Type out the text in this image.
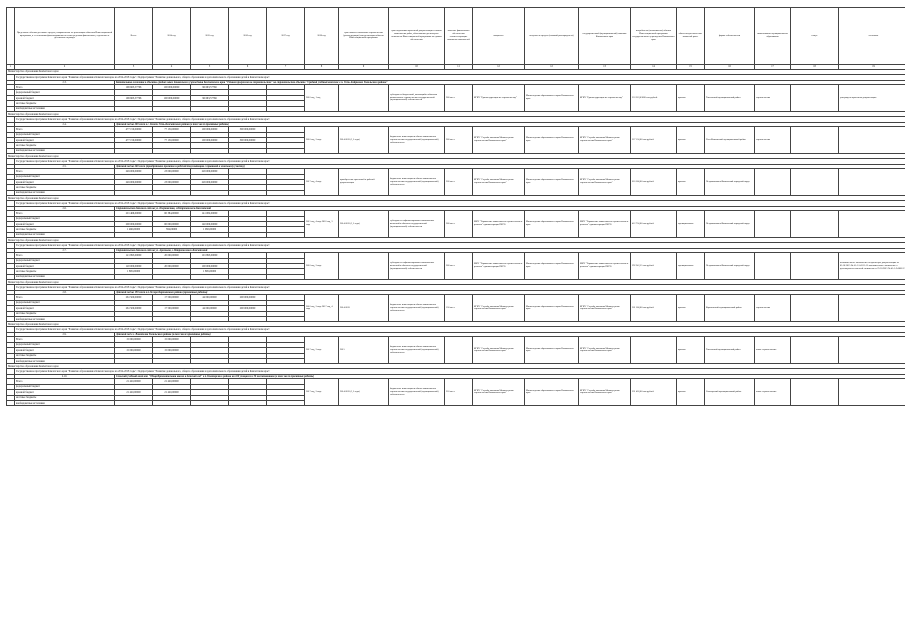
	Предельные объемы денежных средств, направляемые на реализацию объектов Инвестиционной программы, и ее источники финансирования по этим средствам финансового, отдельного в десятичные периоды	Всего	2014 год	2015 год	2016 год	2017 год	2018 год	срок начала и окончания строительства (реконструкции) или реализации объекта Инвестиционной программы	срок подготовки проектной документации и начала выполнения работ, обоснования достигнутые показатели Инвестиционной программы по срокам обеспечения	значение финансового обеспечения соответствующих начальных показателей	мощность	получатель средств (главный распорядитель)	государственный (муниципальный) заказчик Камчатского края	потребитель (пользователь) объекта Инвестиционной программы государственного учреждения Камчатского края	объем полученного кап. вложений ранее	форма собственности	наименование муниципального образования	статус	состояние	
1	2	3	4	5	6	7	8	9	10	11	12	12	13	14	15	16	17	18	19	
Министерство образования Камчатского края																				
	Государственная программа Камчатского края "Развитие образования в Камчатском крае на 2014-2018 годы". Подпрограмма "Развитие дошкольного, общего образования и дополнительного образования детей в Камчатском крае".																			
	2.3.	Капитальные вложения в объекты средних школ дошкольного учреждения Камчатского края "Единая программа на строительство" на строительство объекта "Средний учебный комплекс в п. Усть-Хайрюзово Тигильского района"																		
	Всего	196 663,57766	100 000,00000	96 663,57766			2016 год, 1 год		субсидия на бюджетный, являющийся объектом капитального строительства государственной (муниципальной) собственности	200 мест	КГКУ "Единая дирекция по строительству"	Министерство образования и науки Камчатского края	КГКУ "Единая дирекция по строительству"	353 363,03020 тыс.рублей	краевая	Тигильский муниципальный район	строительство		утверждена проектная документация	
	федеральный бюджет																			
	краевой бюджет	196 663,57766	100 000,00000	96 663,57766																
	местные бюджеты																			
	внебюджетные источники																			
Министерство образования Камчатского края																				
	Государственная программа Камчатского края "Развитие образования в Камчатском крае на 2014-2018 годы". Подпрограмма "Развитие дошкольного, общего образования и дополнительного образования детей в Камчатском крае".																			
	2.4.	Детский сад на 200 мест в с. Ключи Усть-Камчатского района (в том числе проектные работы)																		
	Всего	477 150,00000	77 150,00000	100 000,00000	300 000,00000		2016 год, 3 года	2014-2015 (1,5 года)	бюджетные инвестиции в объект капитального строительства государственной (муниципальной) собственности	200 мест	КГКУ "Служба заказчика Министерства строительства Камчатского края"	Министерство образования и науки Камчатского края	КГКУ "Служба заказчика Министерства строительства Камчатского края"	327 150,00 тыс.рублей	краевая	Усть-Камчатский муниципальный район	строительство			
	федеральный бюджет																			
	краевой бюджет	477 150,00000	77 150,00000	100 000,00000	300 000,00000															
	местные бюджеты																			
	внебюджетные источники																			
Министерство образования Камчатского края																				
	Государственная программа Камчатского края "Развитие образования в Камчатском крае на 2014-2018 годы". Подпрограмма "Развитие дошкольного, общего образования и дополнительного образования детей в Камчатском крае".																			
	2.5.	Детский сад на 260 мест (приобретение проектов и рабочей документации с привязкой к земельному участку)																		
	Всего	249 000,00000	23 000,00000	226 000,00000			2017 год, 4 года	приобретение проектной и рабочей документации	бюджетные инвестиции в объект капитального строительства государственной (муниципальной) собственности	260 мест	КГКУ "Служба заказчика Министерства строительства Камчатского края"	Министерство образования и науки Камчатского края	КГКУ "Служба заказчика Министерства строительства Камчатского края"	616 500,00 тыс.рублей	краевая	Петропавловск-Камчатский городской округ				
	федеральный бюджет																			
	краевой бюджет	249 000,00000	23 000,00000	226 000,00000																
	местные бюджеты																			
	внебюджетные источники																			
Министерство образования Камчатского края																				
	Государственная программа Камчатского края "Развитие образования в Камчатском крае на 2014-2018 годы". Подпрограмма "Развитие дошкольного, общего образования и дополнительного образования детей в Камчатском крае".																			
	2.6.	Строительство детского сада на ул. Пограничная, г.Петропавловск-Камчатский																		
	Всего	201 466,00000	60 384,00000	141 082,00000			2015 год, 4 года 2016 год, 3 года	2014-2015 (1,5 года)	субсидия на софинансирование капитальных вложений в объекты государственной (муниципальной) собственности	300 мест	МКУ "Управление капитального строительства и ремонта" администрации ПКГО	Министерство образования и науки Камчатского края	МКУ "Управление капитального строительства и ремонта" администрации ПКГО	412 750,00 тыс.рублей	муниципальная	Петропавловск-Камчатский городской округ				
	федеральный бюджет																			
	краевой бюджет	200 000,00000	60 000,00000	140 000,00000																
	местные бюджеты	1 466,00000	384,00000	1 082,00000																
	внебюджетные источники																			
Министерство образования Камчатского края																				
	Государственная программа Камчатского края "Развитие образования в Камчатском крае на 2014-2018 годы". Подпрограмма "Развитие дошкольного, общего образования и дополнительного образования детей в Камчатском крае".																			
	2.7.	Строительство детского сада на ул. Арсеньева, г.Петропавловск-Камчатский																		
	Всего	121 895,00000	20 000,00000	101 895,00000			2016 год, 3 года		субсидия на софинансирование капитальных вложений в объекты государственной (муниципальной) собственности	300 мест	МКУ "Управление капитального строительства и ремонта" администрации ПКГО	Министерство образования и науки Камчатского края	МКУ "Управление капитального строительства и ремонта" администрации ПКГО	392 242,55 тыс.рублей	муниципальная	Петропавловск-Камчатский городской округ			положительное заключение на проектную документацию от 05.10.2015 № 41-1-5-0511-15 положительное заключение о достоверности сметной стоимости от 25.10.2015 № 41-1-2-0082-15	
	федеральный бюджет																			
	краевой бюджет	120 000,00000	20 000,00000	100 000,00000																
	местные бюджеты	1 895,00000		1 895,00000																
	внебюджетные источники																			
Министерство образования Камчатского края																				
	Государственная программа Камчатского края "Развитие образования в Камчатском крае на 2014-2018 годы". Подпрограмма "Развитие дошкольного, общего образования и дополнительного образования детей в Камчатском крае".																			
	2.8.	Детский сад на 150 мест в п.Оссора Карагинского района (проектные работы)																		
	Всего	261 500,00000	17 500,00000	44 000,00000	200 000,00000		2016 год, 3 года 2017 год, 4 года	2014-2015	бюджетные инвестиции в объект капитального строительства государственной (муниципальной) собственности	150 мест	КГКУ "Служба заказчика Министерства строительства Камчатского края"	Министерство образования и науки Камчатского края	КГКУ "Служба заказчика Министерства строительства Камчатского края"	261 500,00 тыс.рублей	краевая	Карагинский муниципальный район	строительство			
	федеральный бюджет																			
	краевой бюджет	261 500,00000	17 500,00000	44 000,00000	200 000,00000															
	местные бюджеты																			
	внебюджетные источники																			
Министерство образования Камчатского края																				
	Государственная программа Камчатского края "Развитие образования в Камчатском крае на 2014-2018 годы". Подпрограмма "Развитие дошкольного, общего образования и дополнительного образования детей в Камчатском крае".																			
	2.9.	Детский сад в с. Воямполка Тигильского района (в том числе проектные работы)																		
	Всего	15 000,00000	15 000,00000				2017 год, 3 года	2015	бюджетные инвестиции в объект капитального строительства государственной (муниципальной) собственности		КГКУ "Служба заказчика Министерства строительства Камчатского края"	Министерство образования и науки Камчатского края	КГКУ "Служба заказчика Министерства строительства Камчатского края"		краевая	Тигильский муниципальный район	новое строительство			
	федеральный бюджет																			
	краевой бюджет	15 000,00000	15 000,00000																	
	местные бюджеты																			
	внебюджетные источники																			
Министерство образования Камчатского края																				
	Государственная программа Камчатского края "Развитие образования в Камчатском крае на 2014-2018 годы". Подпрограмма "Развитие дошкольного, общего образования и дополнительного образования детей в Камчатском крае".																			
	2.10.	Сельский учебный комплекс "Общеобразовательная школа и детский сад" в п.Олюторского района на 160 учащихся и 50 воспитанников (в том числе проектные работы)																		
	Всего	21 420,00000	21 420,00000				2017 год, 3 года	2014-2015 (1,5 года)	бюджетные инвестиции в объект капитального строительства государственной (муниципальной) собственности	210 мест	КГКУ "Служба заказчика Министерства строительства Камчатского края"	Министерство образования и науки Камчатского края	КГКУ "Служба заказчика Министерства строительства Камчатского края"	331 420,00 тыс.рублей	краевая	Олюторский муниципальный район	новое строительство			
	федеральный бюджет																			
	краевой бюджет	21 420,00000	21 420,00000																	
	местные бюджеты																			
	внебюджетные источники																			
